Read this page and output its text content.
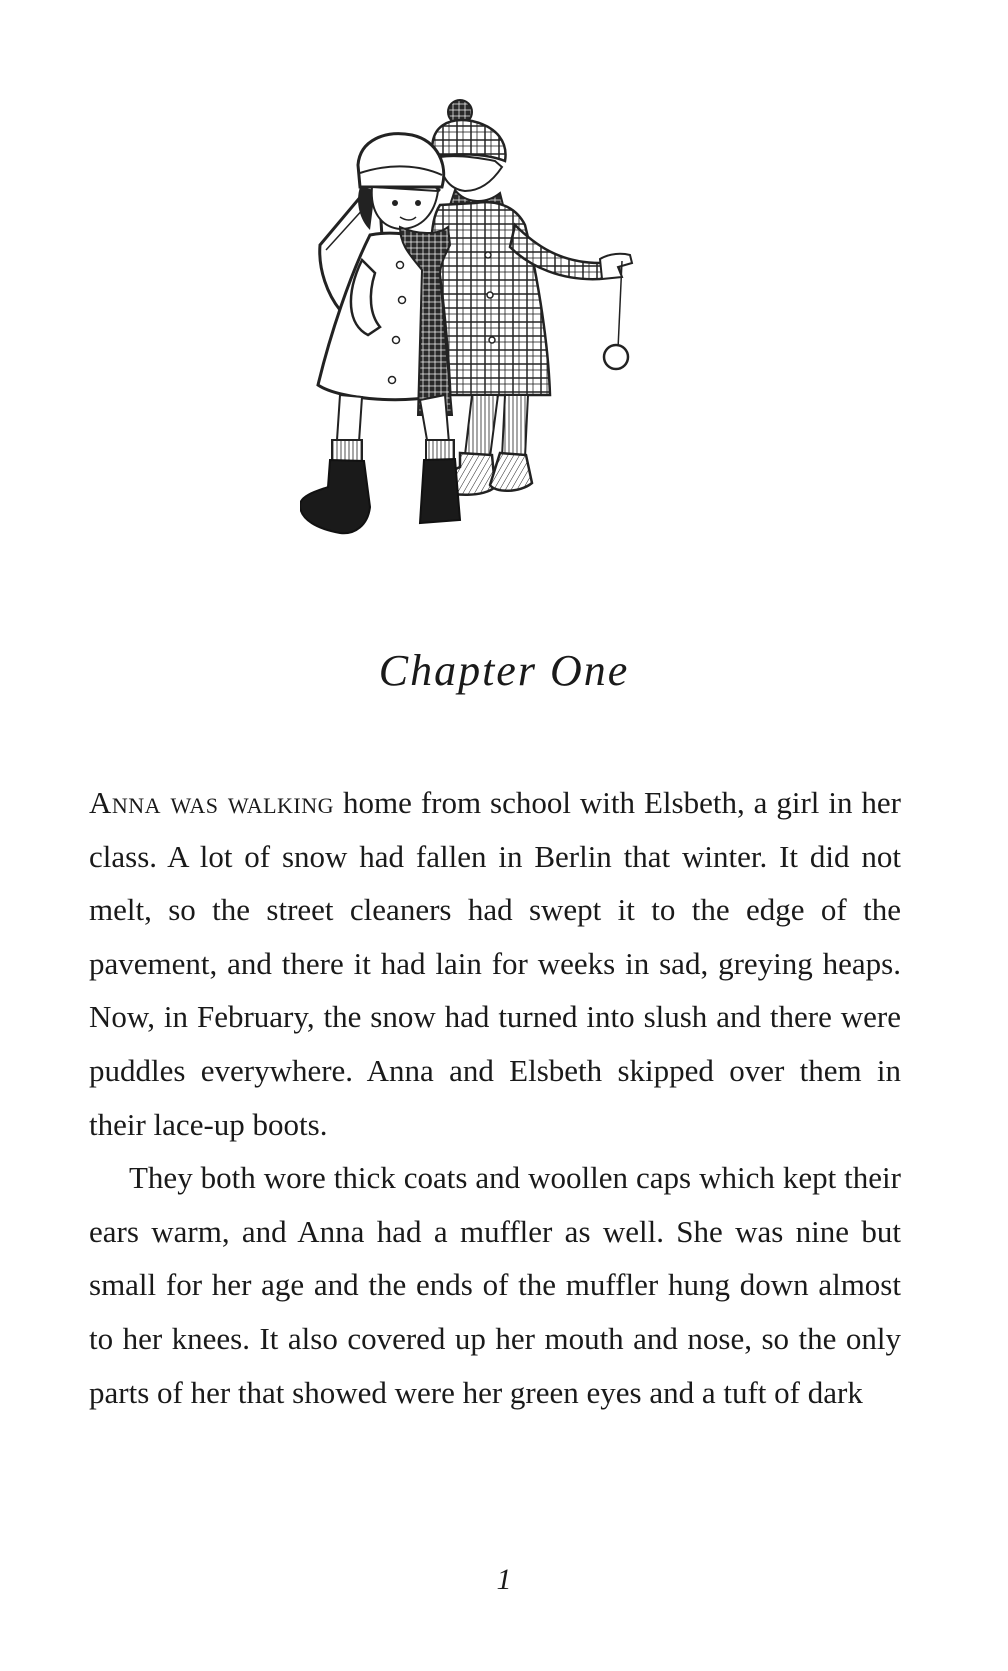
Chapter One

Anna was walking home from school with Elsbeth, a girl in her class. A lot of snow had fallen in Berlin that winter. It did not melt, so the street cleaners had swept it to the edge of the pavement, and there it had lain for weeks in sad, greying heaps. Now, in February, the snow had turned into slush and there were puddles everywhere. Anna and Elsbeth skipped over them in their lace-up boots.

They both wore thick coats and woollen caps which kept their ears warm, and Anna had a muffler as well. She was nine but small for her age and the ends of the muffler hung down almost to her knees. It also covered up her mouth and nose, so the only parts of her that showed were her green eyes and a tuft of dark

1
